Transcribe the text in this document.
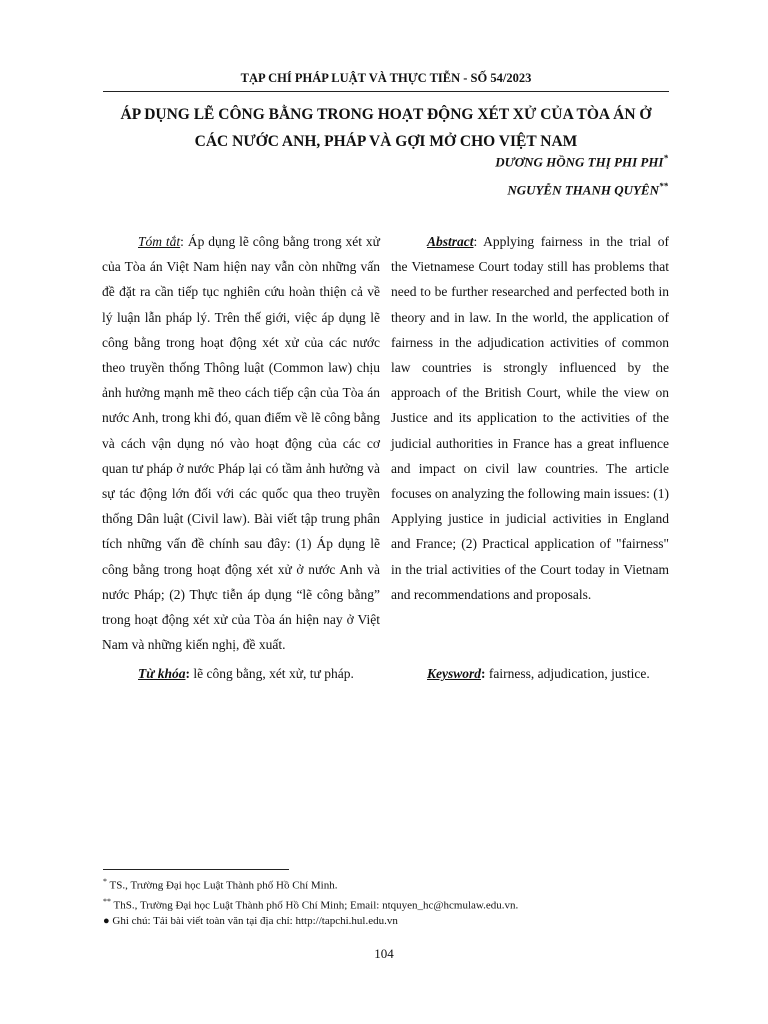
TẠP CHÍ PHÁP LUẬT VÀ THỰC TIỄN - SỐ 54/2023
ÁP DỤNG LẼ CÔNG BẰNG TRONG HOẠT ĐỘNG XÉT XỬ CỦA TÒA ÁN Ở
CÁC NƯỚC ANH, PHÁP VÀ GỢI MỞ CHO VIỆT NAM
DƯƠNG HỒNG THỊ PHI PHI*
NGUYỄN THANH QUYÊN**

Tóm tắt: Áp dụng lẽ công bằng trong xét xử của Tòa án Việt Nam hiện nay vẫn còn những vấn đề đặt ra cần tiếp tục nghiên cứu hoàn thiện cả về lý luận lẫn pháp lý. Trên thế giới, việc áp dụng lẽ công bằng trong hoạt động xét xử của các nước theo truyền thống Thông luật (Common law) chịu ảnh hưởng mạnh mẽ theo cách tiếp cận của Tòa án nước Anh, trong khi đó, quan điểm về lẽ công bằng và cách vận dụng nó vào hoạt động của các cơ quan tư pháp ở nước Pháp lại có tầm ảnh hưởng và sự tác động lớn đối với các quốc qua theo truyền thống Dân luật (Civil law). Bài viết tập trung phân tích những vấn đề chính sau đây: (1) Áp dụng lẽ công bằng trong hoạt động xét xử ở nước Anh và nước Pháp; (2) Thực tiễn áp dụng “lẽ công bằng” trong hoạt động xét xử của Tòa án hiện nay ở Việt Nam và những kiến nghị, đề xuất.

Từ khóa: lẽ công bằng, xét xử, tư pháp.

Abstract: Applying fairness in the trial of the Vietnamese Court today still has problems that need to be further researched and perfected both in theory and in law. In the world, the application of fairness in the adjudication activities of common law countries is strongly influenced by the approach of the British Court, while the view on Justice and its application to the activities of the judicial authorities in France has a great influence and impact on civil law countries. The article focuses on analyzing the following main issues: (1) Applying justice in judicial activities in England and France; (2) Practical application of "fairness" in the trial activities of the Court today in Vietnam and recommendations and proposals.

Keysword: fairness, adjudication, justice.

* TS., Trường Đại học Luật Thành phố Hồ Chí Minh.
** ThS., Trường Đại học Luật Thành phố Hồ Chí Minh; Email: ntquyen_hc@hcmulaw.edu.vn.
● Ghi chú: Tải bài viết toàn văn tại địa chỉ: http://tapchi.hul.edu.vn
104
